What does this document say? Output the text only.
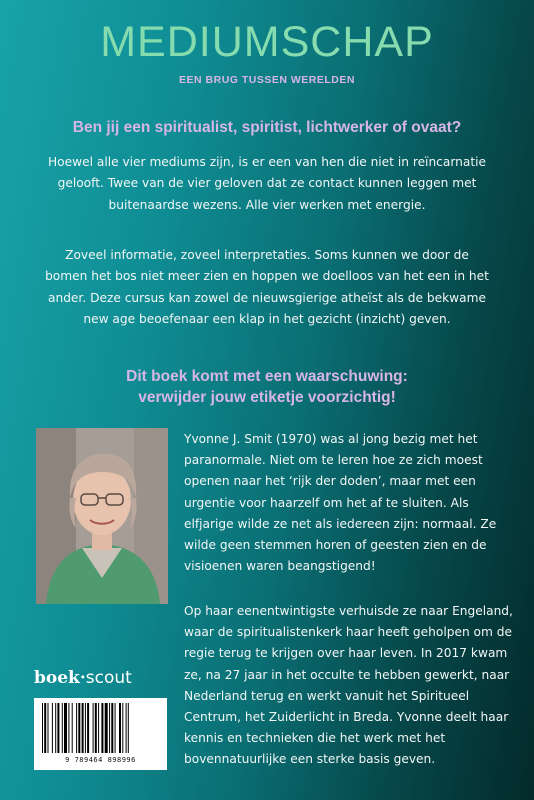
MEDIUMSCHAP
EEN BRUG TUSSEN WERELDEN
Ben jij een spiritualist, spiritist, lichtwerker of ovaat?

Hoewel alle vier mediums zijn, is er een van hen die niet in reïncarnatie gelooft. Twee van de vier geloven dat ze contact kunnen leggen met buitenaardse wezens. Alle vier werken met energie.

Zoveel informatie, zoveel interpretaties. Soms kunnen we door de bomen het bos niet meer zien en hoppen we doelloos van het een in het ander. Deze cursus kan zowel de nieuwsgierige atheïst als de bekwame new age beoefenaar een klap in het gezicht (inzicht) geven.

Dit boek komt met een waarschuwing:
verwijder jouw etiketje voorzichtig!

Yvonne J. Smit (1970) was al jong bezig met het paranormale. Niet om te leren hoe ze zich moest openen naar het ‘rijk der doden’, maar met een urgentie voor haarzelf om het af te sluiten. Als elfjarige wilde ze net als iedereen zijn: normaal. Ze wilde geen stemmen horen of geesten zien en de visioenen waren beangstigend!

Op haar eenentwintigste verhuisde ze naar Engeland, waar de spiritualistenkerk haar heeft geholpen om de regie terug te krijgen over haar leven. In 2017 kwam ze, na 27 jaar in het occulte te hebben gewerkt, naar Nederland terug en werkt vanuit het Spiritueel Centrum, het Zuiderlicht in Breda. Yvonne deelt haar kennis en technieken die het werk met het bovennatuurlijke een sterke basis geven.

boek·scout
9 789464 898996
